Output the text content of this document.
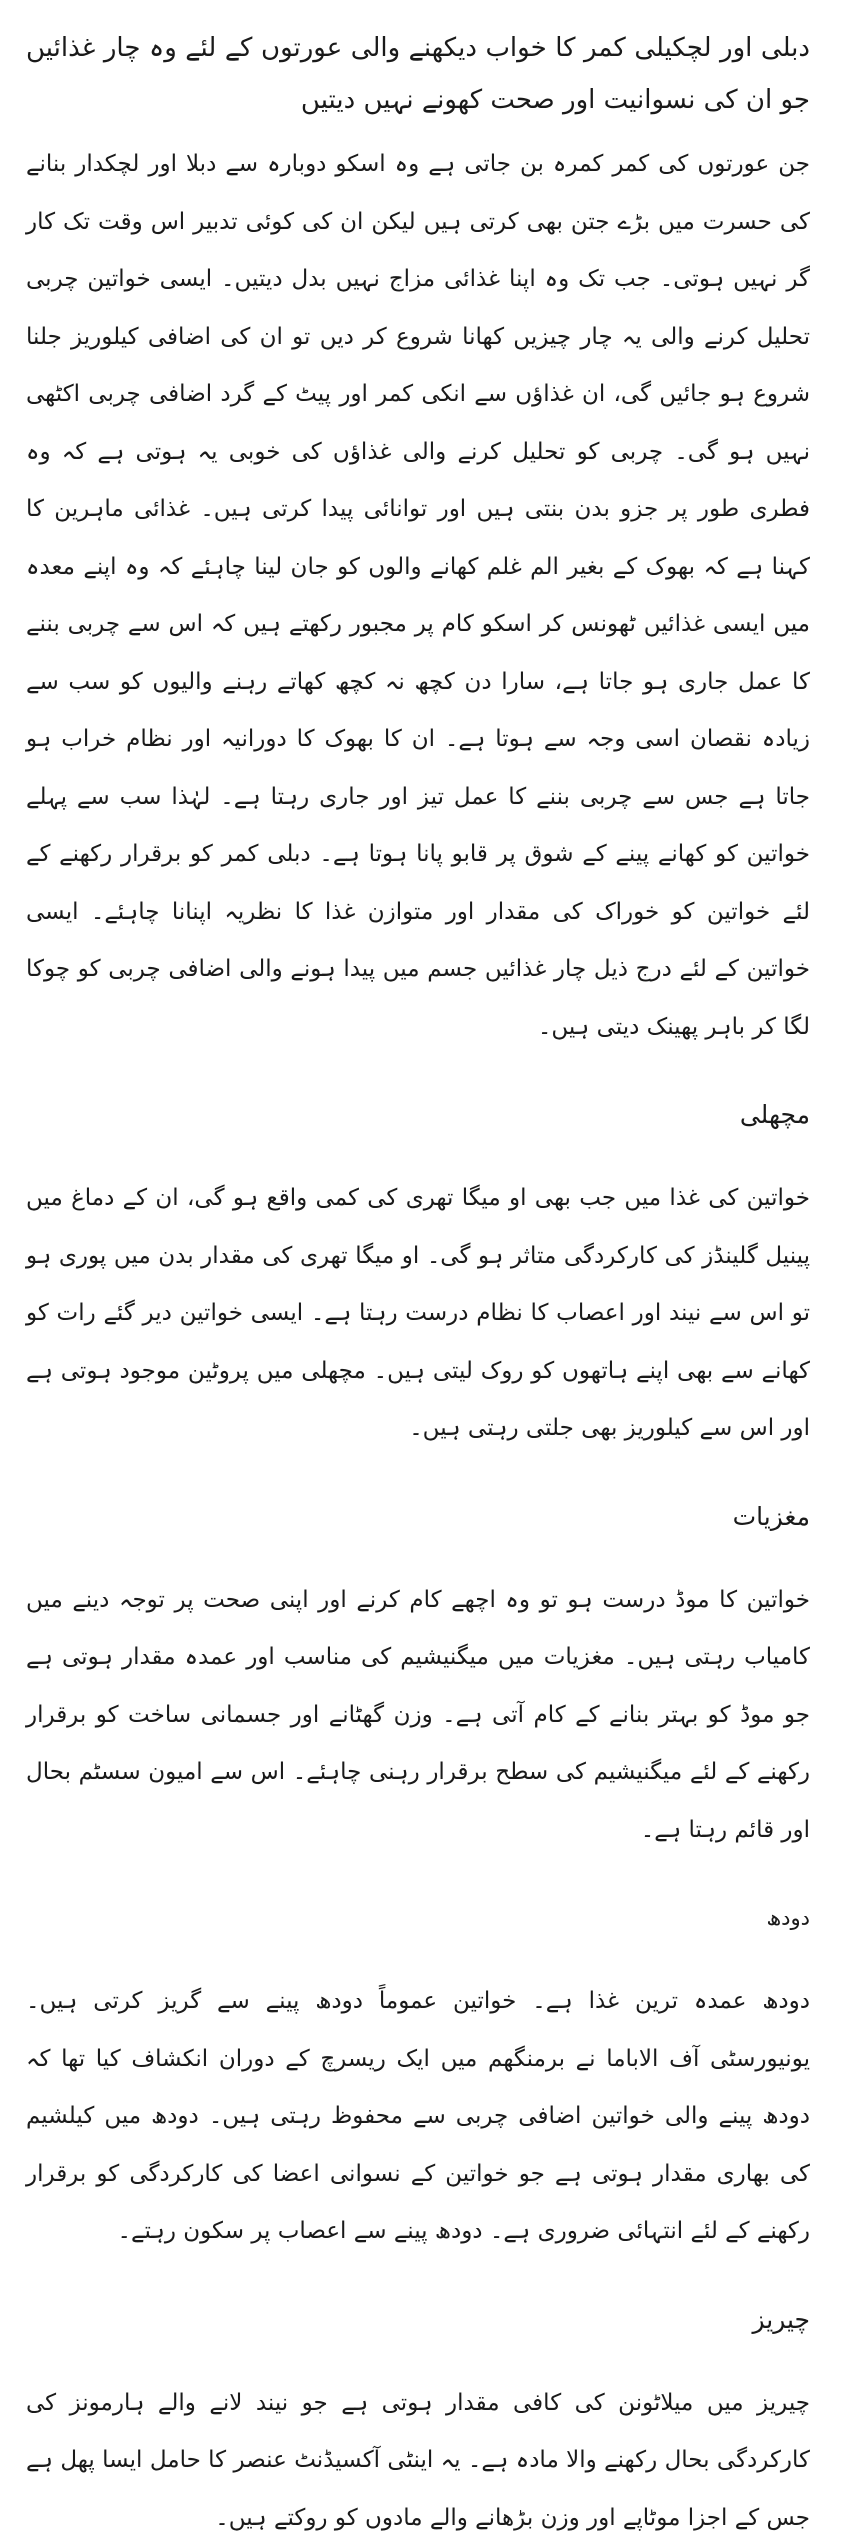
دبلی اور لچکیلی کمر کا خواب دیکھنے والی عورتوں کے لئے وہ چار غذائیں جو ان کی نسوانیت اور صحت کھونے نہیں دیتیں

جن عورتوں کی کمر کمرہ بن جاتی ہے وہ اسکو دوبارہ سے دبلا اور لچکدار بنانے کی حسرت میں بڑے جتن بھی کرتی ہیں لیکن ان کی کوئی تدبیر اس وقت تک کار گر نہیں ہوتی۔ جب تک وہ اپنا غذائی مزاج نہیں بدل دیتیں۔ ایسی خواتین چربی تحلیل کرنے والی یہ چار چیزیں کھانا شروع کر دیں تو ان کی اضافی کیلوریز جلنا شروع ہو جائیں گی، ان غذاؤں سے انکی کمر اور پیٹ کے گرد اضافی چربی اکٹھی نہیں ہو گی۔ چربی کو تحلیل کرنے والی غذاؤں کی خوبی یہ ہوتی ہے کہ وہ فطری طور پر جزو بدن بنتی ہیں اور توانائی پیدا کرتی ہیں۔ غذائی ماہرین کا کہنا ہے کہ بھوک کے بغیر الم غلم کھانے والوں کو جان لینا چاہئے کہ وہ اپنے معدہ میں ایسی غذائیں ٹھونس کر اسکو کام پر مجبور رکھتے ہیں کہ اس سے چربی بننے کا عمل جاری ہو جاتا ہے، سارا دن کچھ نہ کچھ کھاتے رہنے والیوں کو سب سے زیادہ نقصان اسی وجہ سے ہوتا ہے۔ ان کا بھوک کا دورانیہ اور نظام خراب ہو جاتا ہے جس سے چربی بننے کا عمل تیز اور جاری رہتا ہے۔ لہٰذا سب سے پہلے خواتین کو کھانے پینے کے شوق پر قابو پانا ہوتا ہے۔ دبلی کمر کو برقرار رکھنے کے لئے خواتین کو خوراک کی مقدار اور متوازن غذا کا نظریہ اپنانا چاہئے۔ ایسی خواتین کے لئے درج ذیل چار غذائیں جسم میں پیدا ہونے والی اضافی چربی کو چوکا لگا کر باہر پھینک دیتی ہیں۔

مچھلی

خواتین کی غذا میں جب بھی او میگا تھری کی کمی واقع ہو گی، ان کے دماغ میں پینیل گلینڈز کی کارکردگی متاثر ہو گی۔ او میگا تھری کی مقدار بدن میں پوری ہو تو اس سے نیند اور اعصاب کا نظام درست رہتا ہے۔ ایسی خواتین دیر گئے رات کو کھانے سے بھی اپنے ہاتھوں کو روک لیتی ہیں۔ مچھلی میں پروٹین موجود ہوتی ہے اور اس سے کیلوریز بھی جلتی رہتی ہیں۔

مغزیات

خواتین کا موڈ درست ہو تو وہ اچھے کام کرنے اور اپنی صحت پر توجہ دینے میں کامیاب رہتی ہیں۔ مغزیات میں میگنیشیم کی مناسب اور عمدہ مقدار ہوتی ہے جو موڈ کو بہتر بنانے کے کام آتی ہے۔ وزن گھٹانے اور جسمانی ساخت کو برقرار رکھنے کے لئے میگنیشیم کی سطح برقرار رہنی چاہئے۔ اس سے امیون سسٹم بحال اور قائم رہتا ہے۔

دودھ

دودھ عمدہ ترین غذا ہے۔ خواتین عموماً دودھ پینے سے گریز کرتی ہیں۔ یونیورسٹی آف الاباما نے برمنگھم میں ایک ریسرچ کے دوران انکشاف کیا تھا کہ دودھ پینے والی خواتین اضافی چربی سے محفوظ رہتی ہیں۔ دودھ میں کیلشیم کی بھاری مقدار ہوتی ہے جو خواتین کے نسوانی اعضا کی کارکردگی کو برقرار رکھنے کے لئے انتہائی ضروری ہے۔ دودھ پینے سے اعصاب پر سکون رہتے۔

چیریز

چیریز میں میلاٹونن کی کافی مقدار ہوتی ہے جو نیند لانے والے ہارمونز کی کارکردگی بحال رکھنے والا مادہ ہے۔ یہ اینٹی آکسیڈنٹ عنصر کا حامل ایسا پھل ہے جس کے اجزا موٹاپے اور وزن بڑھانے والے مادوں کو روکتے ہیں۔
